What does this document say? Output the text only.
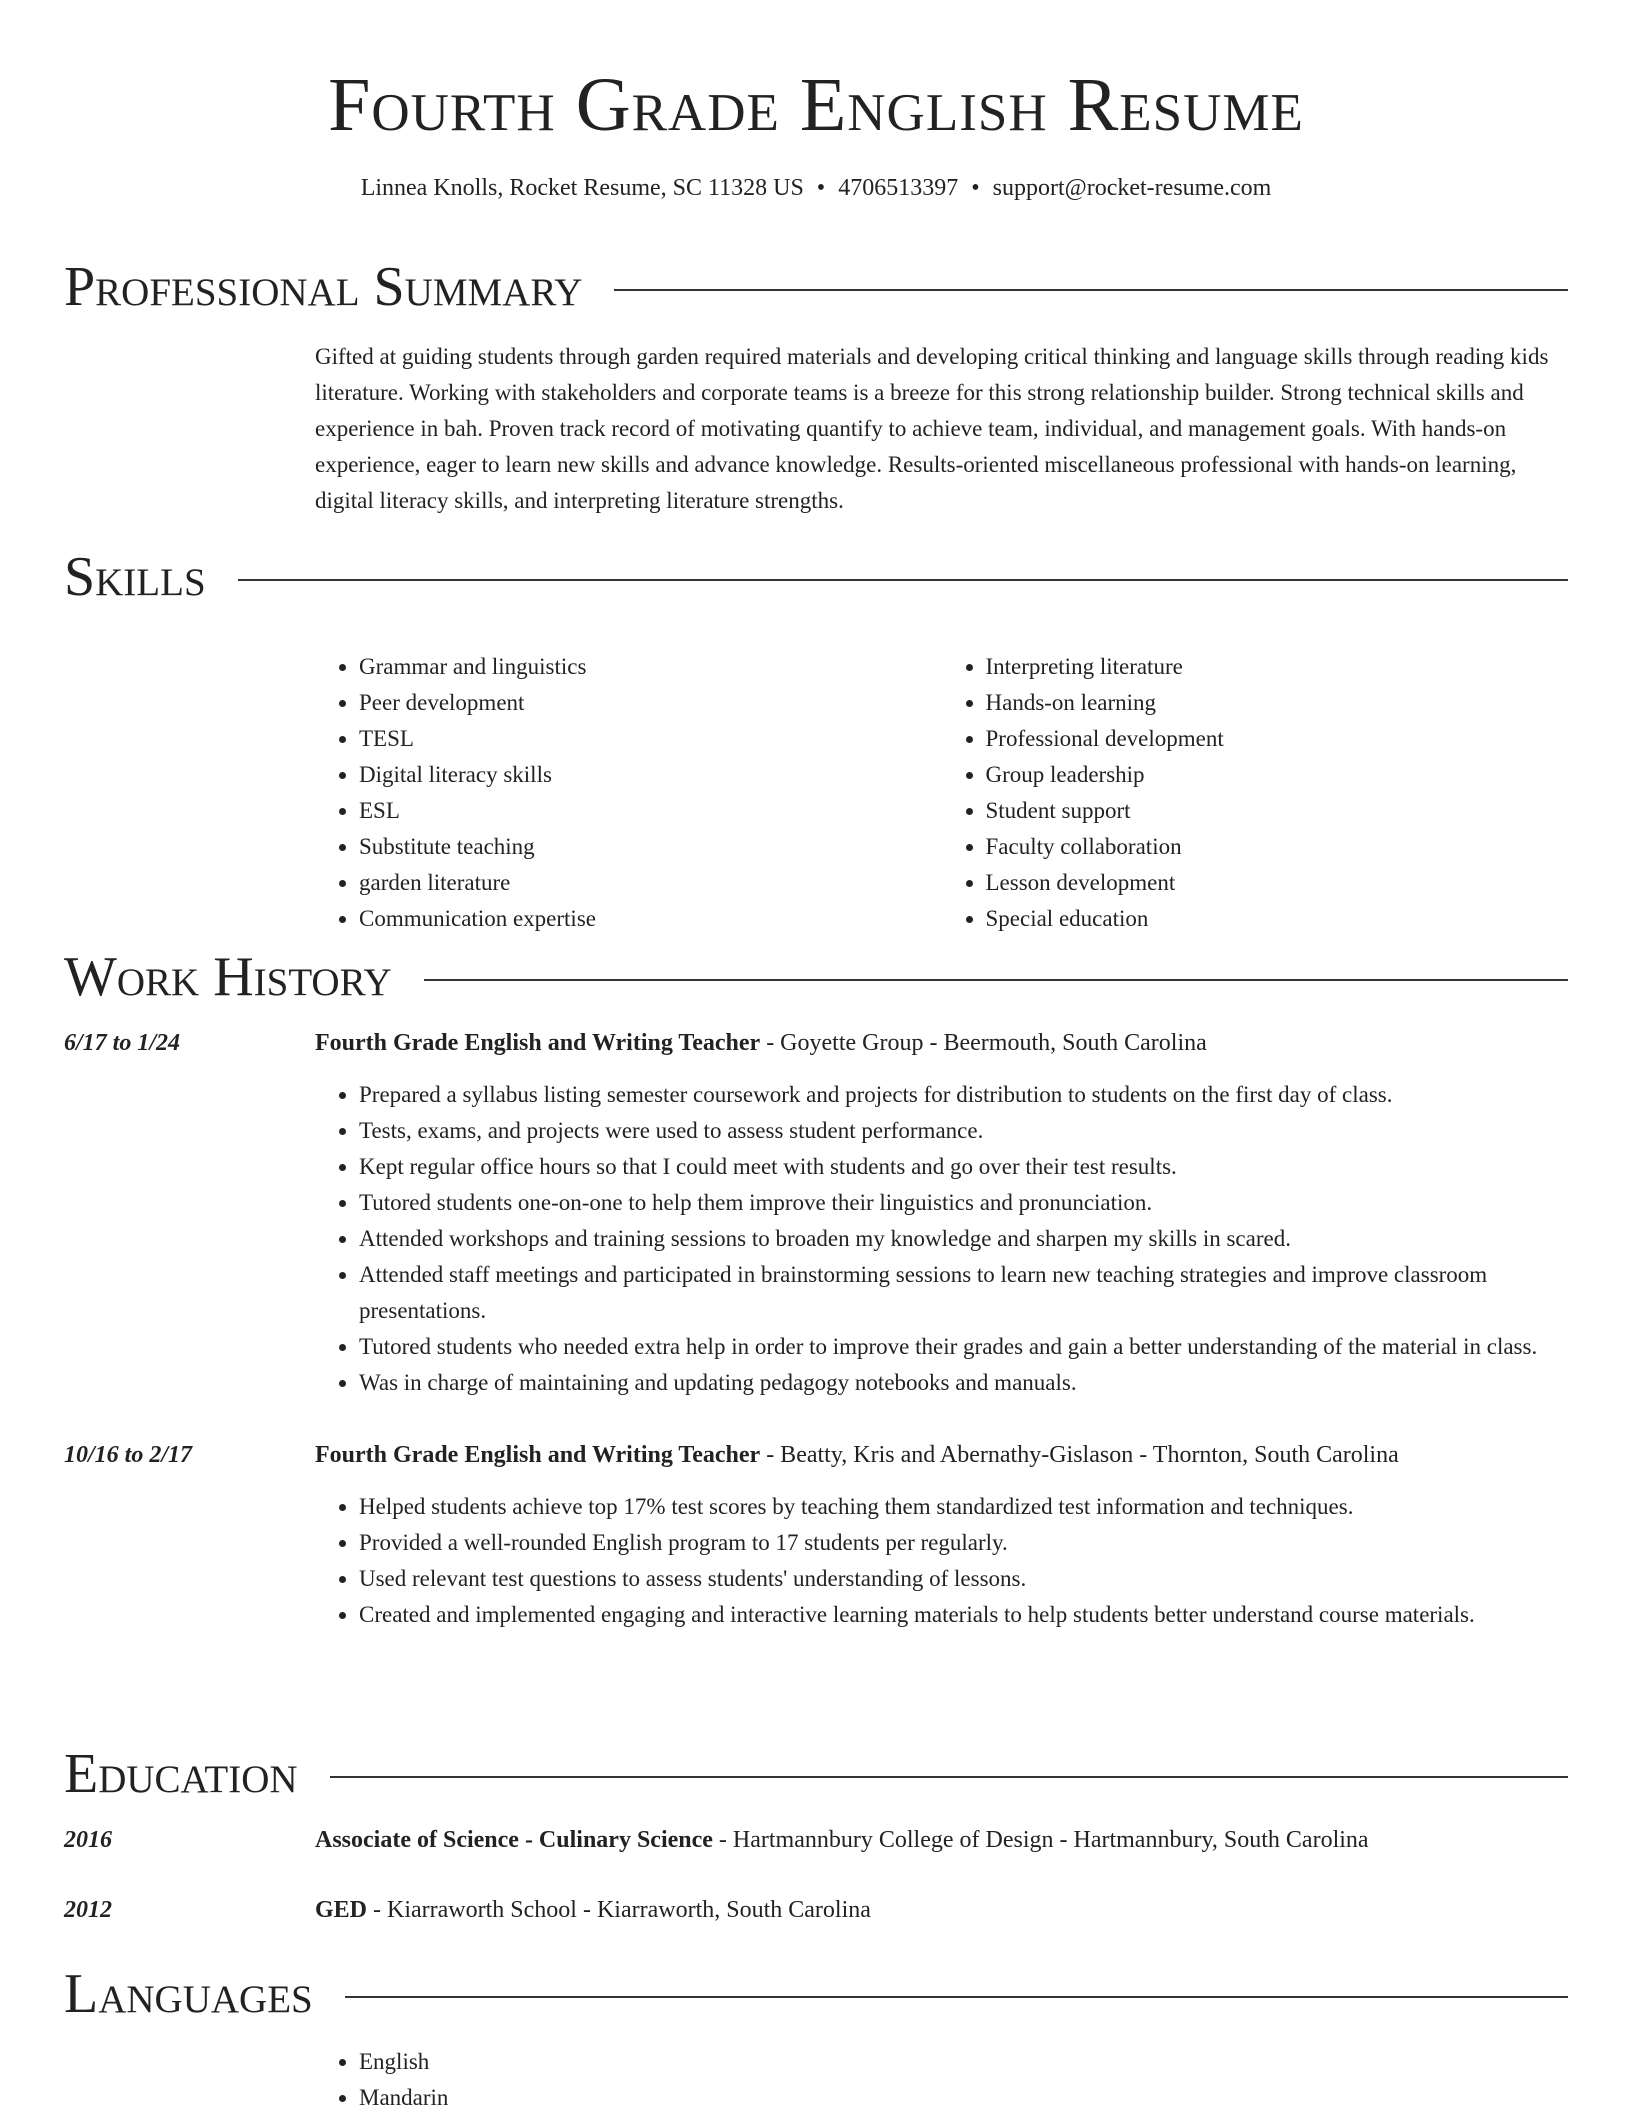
Fourth Grade English Resume
Linnea Knolls, Rocket Resume, SC 11328 US • 4706513397 • support@rocket-resume.com
Professional Summary

Gifted at guiding students through garden required materials and developing critical thinking and language skills through reading kids literature. Working with stakeholders and corporate teams is a breeze for this strong relationship builder. Strong technical skills and experience in bah. Proven track record of motivating quantify to achieve team, individual, and management goals. With hands-on experience, eager to learn new skills and advance knowledge. Results-oriented miscellaneous professional with hands-on learning, digital literacy skills, and interpreting literature strengths.

Skills
• Grammar and linguistics
• Peer development
• TESL
• Digital literacy skills
• ESL
• Substitute teaching
• garden literature
• Communication expertise
• Interpreting literature
• Hands-on learning
• Professional development
• Group leadership
• Student support
• Faculty collaboration
• Lesson development
• Special education
Work History
6/17 to 1/24	Fourth Grade English and Writing Teacher - Goyette Group - Beermouth, South Carolina
• Prepared a syllabus listing semester coursework and projects for distribution to students on the first day of class.
• Tests, exams, and projects were used to assess student performance.
• Kept regular office hours so that I could meet with students and go over their test results.
• Tutored students one-on-one to help them improve their linguistics and pronunciation.
• Attended workshops and training sessions to broaden my knowledge and sharpen my skills in scared.
• Attended staff meetings and participated in brainstorming sessions to learn new teaching strategies and improve classroom presentations.
• Tutored students who needed extra help in order to improve their grades and gain a better understanding of the material in class.
• Was in charge of maintaining and updating pedagogy notebooks and manuals.
10/16 to 2/17	Fourth Grade English and Writing Teacher - Beatty, Kris and Abernathy-Gislason - Thornton, South Carolina
• Helped students achieve top 17% test scores by teaching them standardized test information and techniques.
• Provided a well-rounded English program to 17 students per regularly.
• Used relevant test questions to assess students' understanding of lessons.
• Created and implemented engaging and interactive learning materials to help students better understand course materials.
Education
2016	Associate of Science - Culinary Science - Hartmannbury College of Design - Hartmannbury, South Carolina
2012	GED - Kiarraworth School - Kiarraworth, South Carolina
Languages
• English
• Mandarin
